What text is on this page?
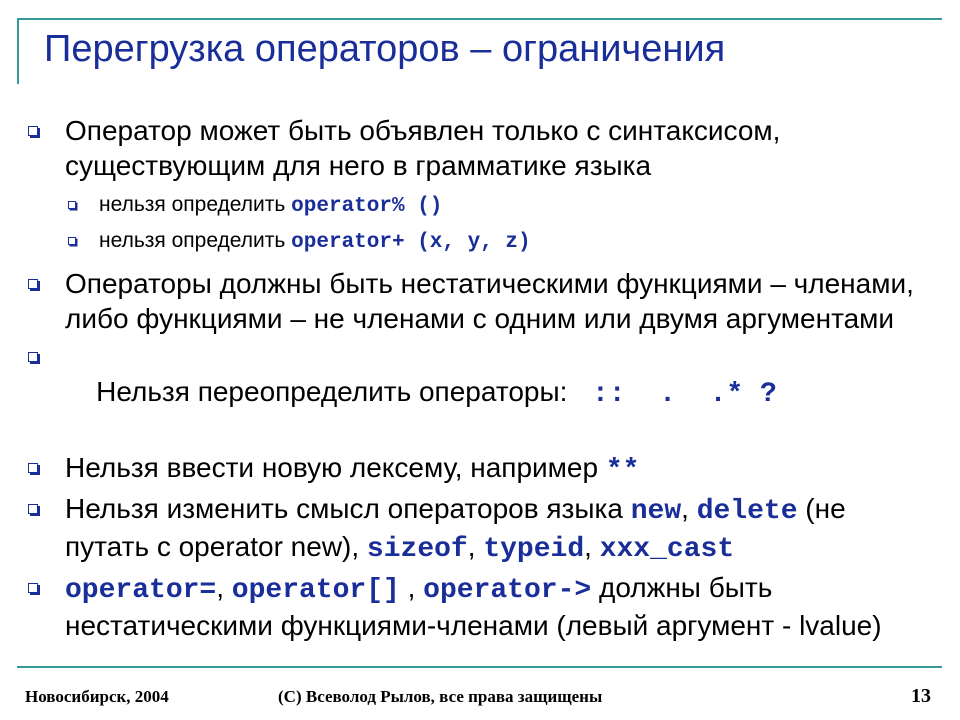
Перегрузка операторов – ограничения
Оператор может быть объявлен только с синтаксисом, существующим для него в грамматике языка
нельзя определить operator% ()
нельзя определить operator+ (x, y, z)
Операторы должны быть нестатическими функциями – членами, либо функциями – не членами с одним или двумя аргументами

Нельзя переопределить операторы:  ::  .  .* ?

Нельзя ввести новую лексему, например **
Нельзя изменить смысл операторов языка new, delete (не путать с operator new), sizeof, typeid, xxx_cast
operator=, operator[] , operator-> должны быть нестатическими функциями-членами (левый аргумент - lvalue)
Новосибирск, 2004	(C) Всеволод Рылов, все права защищены	13
